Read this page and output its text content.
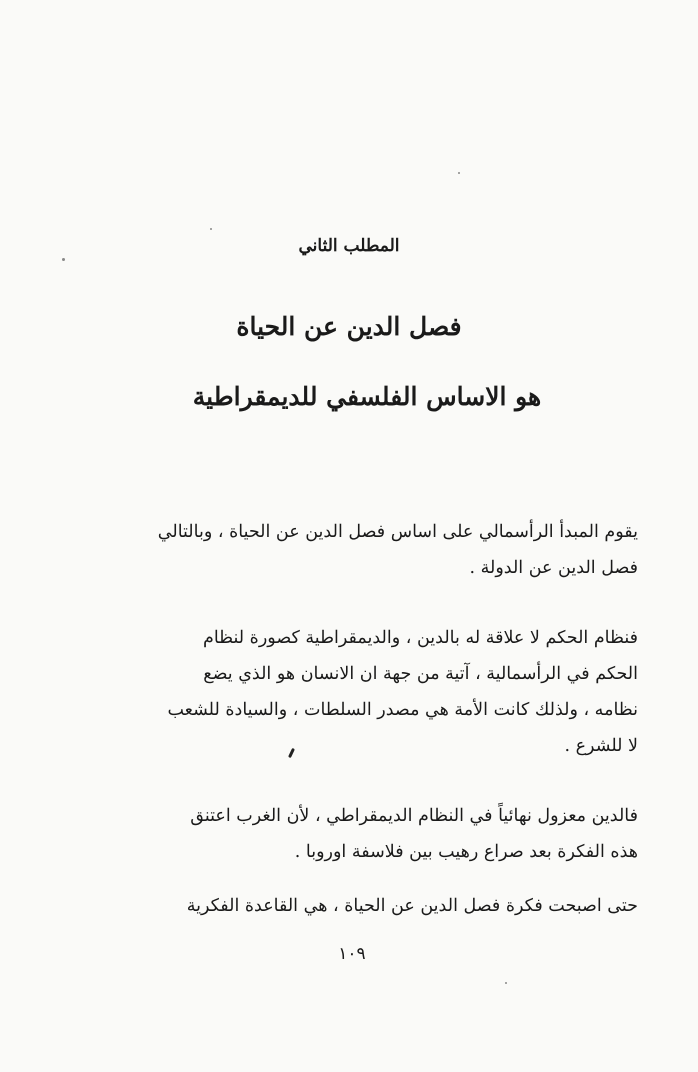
المطلب الثاني
فصل الدين عن الحياة
هو الاساس الفلسفي للديمقراطية
يقوم المبدأ الرأسمالي على اساس فصل الدين عن الحياة ، وبالتالي
فصل الدين عن الدولة .
فنظام الحكم لا علاقة له بالدين ، والديمقراطية كصورة لنظام
الحكم في الرأسمالية ، آتية من جهة ان الانسان هو الذي يضع
نظامه ، ولذلك كانت الأمة هي مصدر السلطات ، والسيادة للشعب
لا للشرع .
فالدين معزول نهائياً في النظام الديمقراطي ، لأن الغرب اعتنق
هذه الفكرة بعد صراع رهيب بين فلاسفة اوروبا .
حتى اصبحت فكرة فصل الدين عن الحياة ، هي القاعدة الفكرية
١٠٩
